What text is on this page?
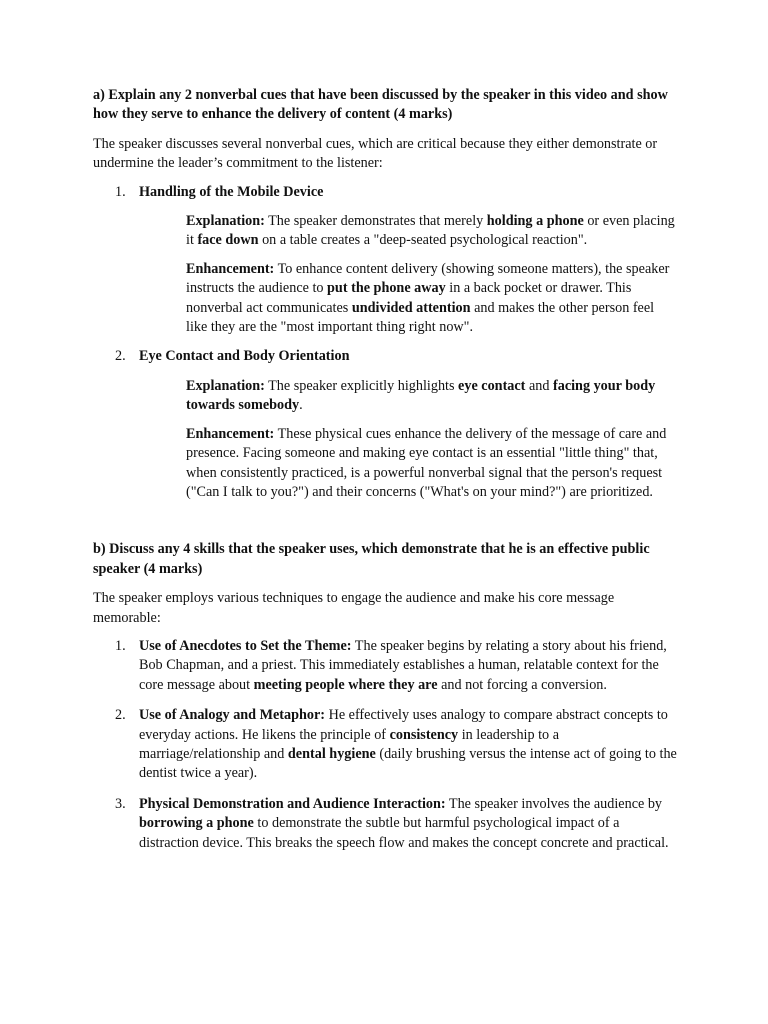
a) Explain any 2 nonverbal cues that have been discussed by the speaker in this video and show how they serve to enhance the delivery of content (4 marks)

The speaker discusses several nonverbal cues, which are critical because they either demonstrate or undermine the leader’s commitment to the listener:

1. Handling of the Mobile Device

Explanation: The speaker demonstrates that merely holding a phone or even placing it face down on a table creates a "deep-seated psychological reaction".

Enhancement: To enhance content delivery (showing someone matters), the speaker instructs the audience to put the phone away in a back pocket or drawer. This nonverbal act communicates undivided attention and makes the other person feel like they are the "most important thing right now".

2. Eye Contact and Body Orientation

Explanation: The speaker explicitly highlights eye contact and facing your body towards somebody.

Enhancement: These physical cues enhance the delivery of the message of care and presence. Facing someone and making eye contact is an essential "little thing" that, when consistently practiced, is a powerful nonverbal signal that the person's request ("Can I talk to you?") and their concerns ("What's on your mind?") are prioritized.

b) Discuss any 4 skills that the speaker uses, which demonstrate that he is an effective public speaker (4 marks)

The speaker employs various techniques to engage the audience and make his core message memorable:

1. Use of Anecdotes to Set the Theme: The speaker begins by relating a story about his friend, Bob Chapman, and a priest. This immediately establishes a human, relatable context for the core message about meeting people where they are and not forcing a conversion.

2. Use of Analogy and Metaphor: He effectively uses analogy to compare abstract concepts to everyday actions. He likens the principle of consistency in leadership to a marriage/relationship and dental hygiene (daily brushing versus the intense act of going to the dentist twice a year).

3. Physical Demonstration and Audience Interaction: The speaker involves the audience by borrowing a phone to demonstrate the subtle but harmful psychological impact of a distraction device. This breaks the speech flow and makes the concept concrete and practical.
